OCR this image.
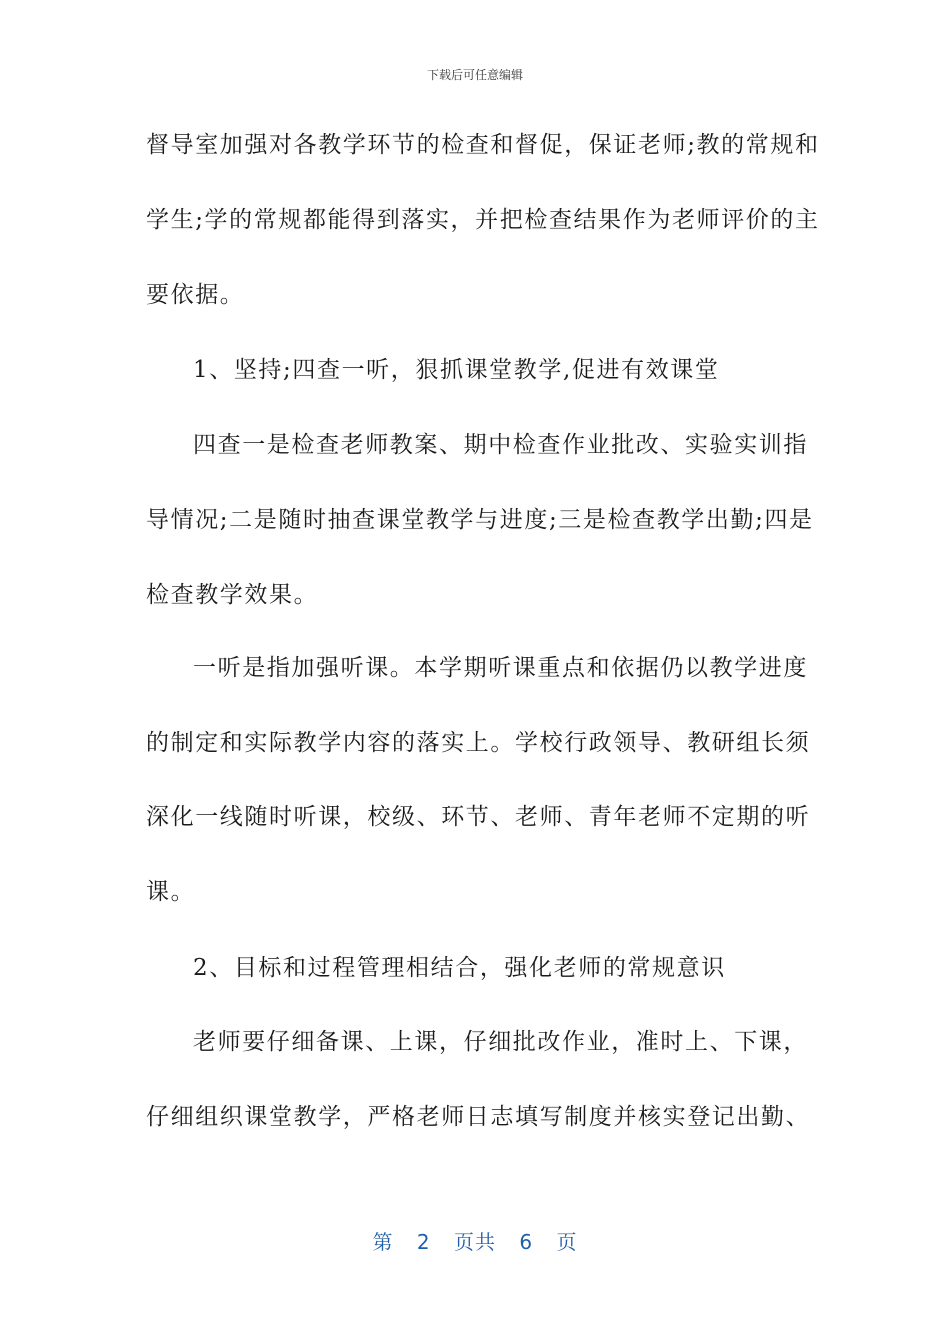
下载后可任意编辑
督导室加强对各教学环节的检查和督促，保证老师;教的常规和
学生;学的常规都能得到落实，并把检查结果作为老师评价的主
要依据。
1、坚持;四查一听，狠抓课堂教学,促进有效课堂
四查一是检查老师教案、期中检查作业批改、实验实训指
导情况;二是随时抽查课堂教学与进度;三是检查教学出勤;四是
检查教学效果。
一听是指加强听课。本学期听课重点和依据仍以教学进度
的制定和实际教学内容的落实上。学校行政领导、教研组长须
深化一线随时听课，校级、环节、老师、青年老师不定期的听
课。
2、目标和过程管理相结合，强化老师的常规意识
老师要仔细备课、上课，仔细批改作业，准时上、下课，
仔细组织课堂教学，严格老师日志填写制度并核实登记出勤、
第 2 页共 6 页
